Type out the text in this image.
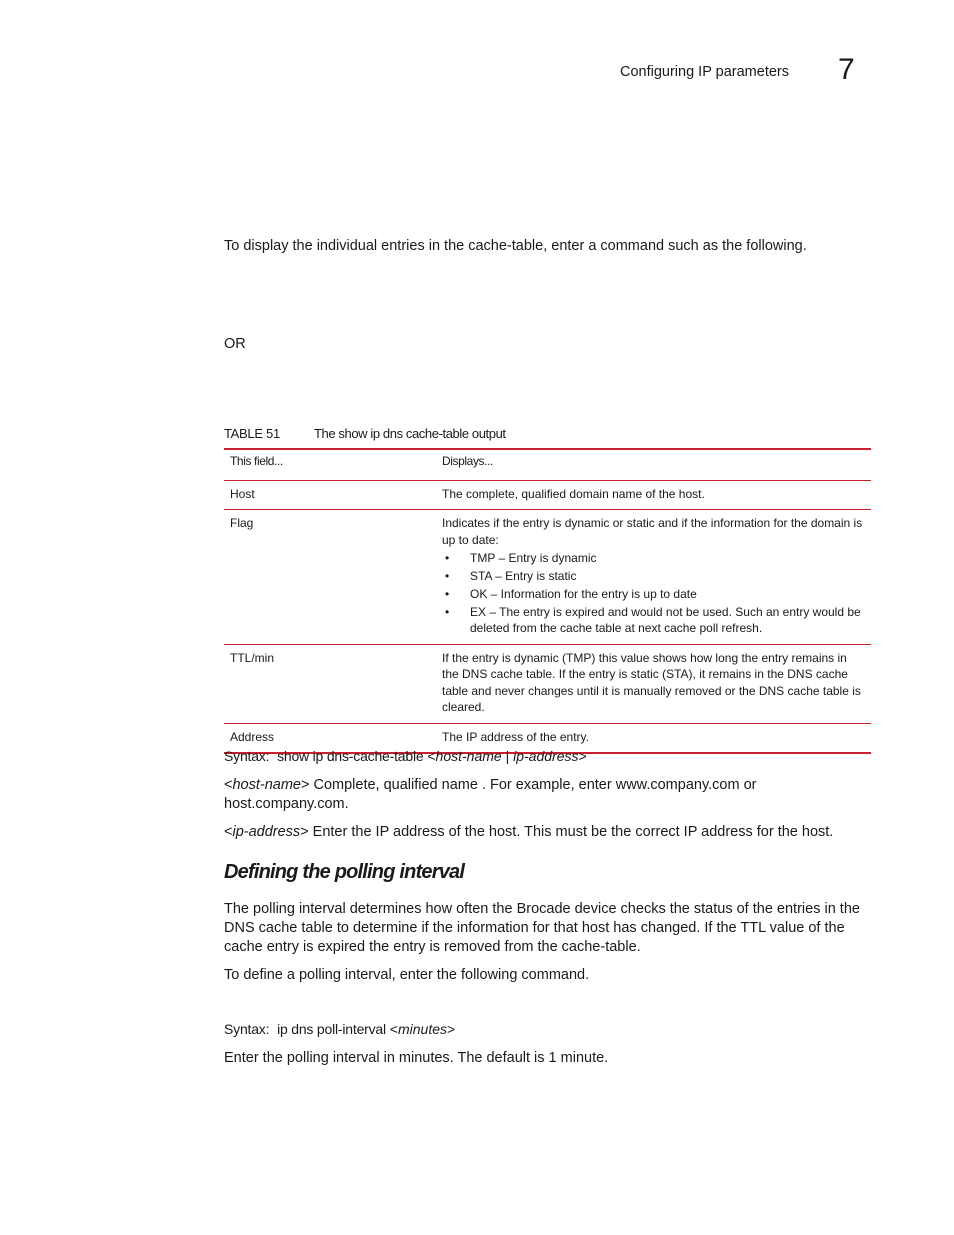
Configuring IP parameters 7
To display the individual entries in the cache-table, enter a command such as the following.
OR
TABLE 51	The show ip dns cache-table output
This field...	Displays...
Host	The complete, qualified domain name of the host.
Flag	Indicates if the entry is dynamic or static and if the information for the domain is up to date:
•	TMP – Entry is dynamic
•	STA – Entry is static
•	OK – Information for the entry is up to date
•	EX – The entry is expired and would not be used. Such an entry would be deleted from the cache table at next cache poll refresh.
TTL/min	If the entry is dynamic (TMP) this value shows how long the entry remains in the DNS cache table. If the entry is static (STA), it remains in the DNS cache table and never changes until it is manually removed or the DNS cache table is cleared.
Address	The IP address of the entry.
Syntax: show ip dns-cache-table <host-name | ip-address>
<host-name> Complete, qualified name . For example, enter www.company.com or host.company.com.
<ip-address> Enter the IP address of the host. This must be the correct IP address for the host.
Defining the polling interval
The polling interval determines how often the Brocade device checks the status of the entries in the DNS cache table to determine if the information for that host has changed. If the TTL value of the cache entry is expired the entry is removed from the cache-table.
To define a polling interval, enter the following command.
Syntax: ip dns poll-interval <minutes>
Enter the polling interval in minutes. The default is 1 minute.
